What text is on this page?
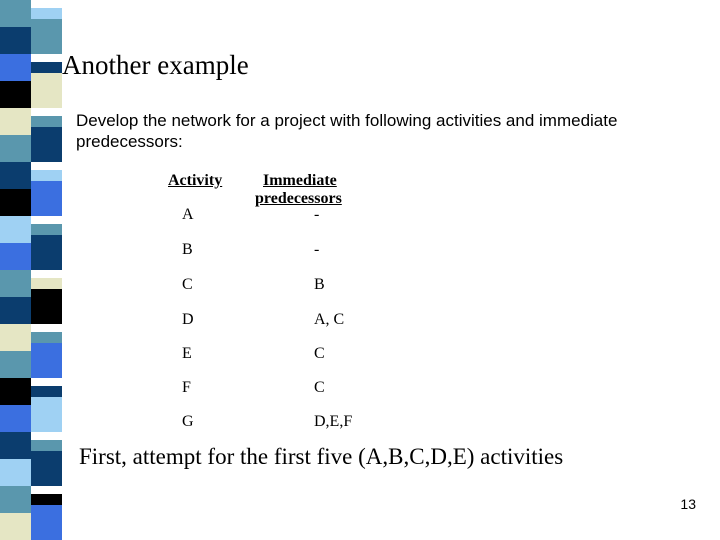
Another example
Develop the network for a project with following activities and immediate predecessors:
Activity	Immediate
predecessors
A	-
B	-
C	B
D	A, C
E	C
F	C
G	D,E,F
First, attempt for the first five (A,B,C,D,E) activities
13
